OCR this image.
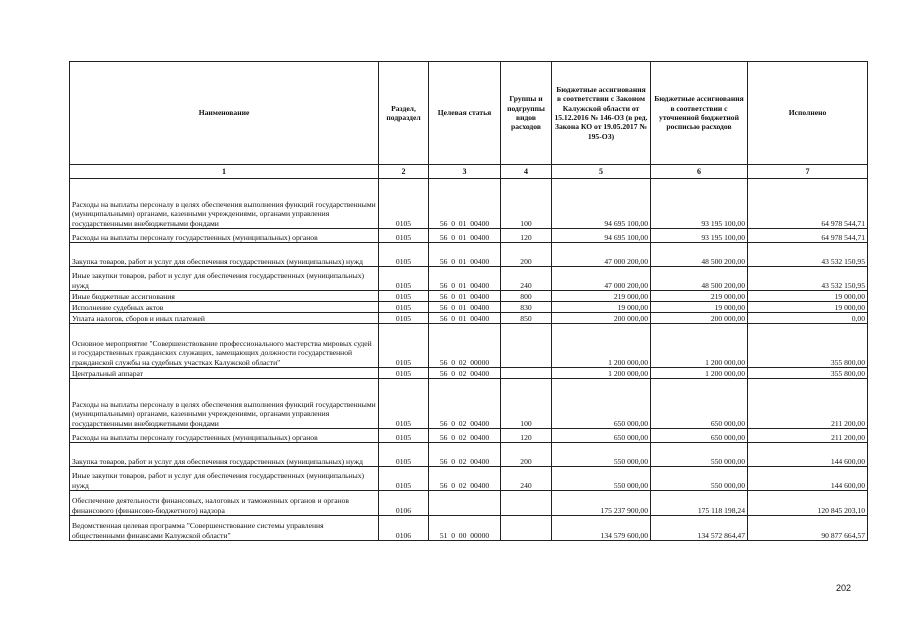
Наименование	Раздел, подраздел	Целевая статья	Группы и подгруппы видов расходов	Бюджетные ассигнования в соответствии с Законом Калужской области от 15.12.2016 № 146-ОЗ (в ред. Закона КО от 19.05.2017 № 195-ОЗ)	Бюджетные ассигнования в соответствии с уточненной бюджетной росписью расходов	Исполнено
1	2	3	4	5	6	7
Расходы на выплаты персоналу в целях обеспечения выполнения функций государственными (муниципальными) органами, казенными учреждениями, органами управления государственными внебюджетными фондами	0105	56  0  01  00400	100	94 695 100,00	93 195 100,00	64 978 544,71
Расходы на выплаты персоналу государственных (муниципальных) органов	0105	56  0  01  00400	120	94 695 100,00	93 195 100,00	64 978 544,71
Закупка товаров, работ и услуг для обеспечения государственных (муниципальных) нужд	0105	56  0  01  00400	200	47 000 200,00	48 500 200,00	43 532 150,95
Иные закупки товаров, работ и услуг для обеспечения государственных (муниципальных) нужд	0105	56  0  01  00400	240	47 000 200,00	48 500 200,00	43 532 150,95
Иные бюджетные ассигнования	0105	56  0  01  00400	800	219 000,00	219 000,00	19 000,00
Исполнение судебных актов	0105	56  0  01  00400	830	19 000,00	19 000,00	19 000,00
Уплата налогов, сборов и иных платежей	0105	56  0  01  00400	850	200 000,00	200 000,00	0,00
Основное мероприятие "Совершенствование профессионального мастерства мировых судей и государственных гражданских служащих, замещающих должности государственной гражданской службы на судебных участках Калужской области"	0105	56  0  02  00000		1 200 000,00	1 200 000,00	355 800,00
Центральный аппарат	0105	56  0  02  00400		1 200 000,00	1 200 000,00	355 800,00
Расходы на выплаты персоналу в целях обеспечения выполнения функций государственными (муниципальными) органами, казенными учреждениями, органами управления государственными внебюджетными фондами	0105	56  0  02  00400	100	650 000,00	650 000,00	211 200,00
Расходы на выплаты персоналу государственных (муниципальных) органов	0105	56  0  02  00400	120	650 000,00	650 000,00	211 200,00
Закупка товаров, работ и услуг для обеспечения государственных (муниципальных) нужд	0105	56  0  02  00400	200	550 000,00	550 000,00	144 600,00
Иные закупки товаров, работ и услуг для обеспечения государственных (муниципальных) нужд	0105	56  0  02  00400	240	550 000,00	550 000,00	144 600,00
Обеспечение деятельности финансовых, налоговых и таможенных органов и органов финансового (финансово-бюджетного) надзора	0106			175 237 900,00	175 118 198,24	120 845 203,10
Ведомственная целевая программа "Совершенствование системы управления общественными финансами Калужской области"	0106	51  0  00  00000		134 579 600,00	134 572 864,47	90 877 664,57
202
